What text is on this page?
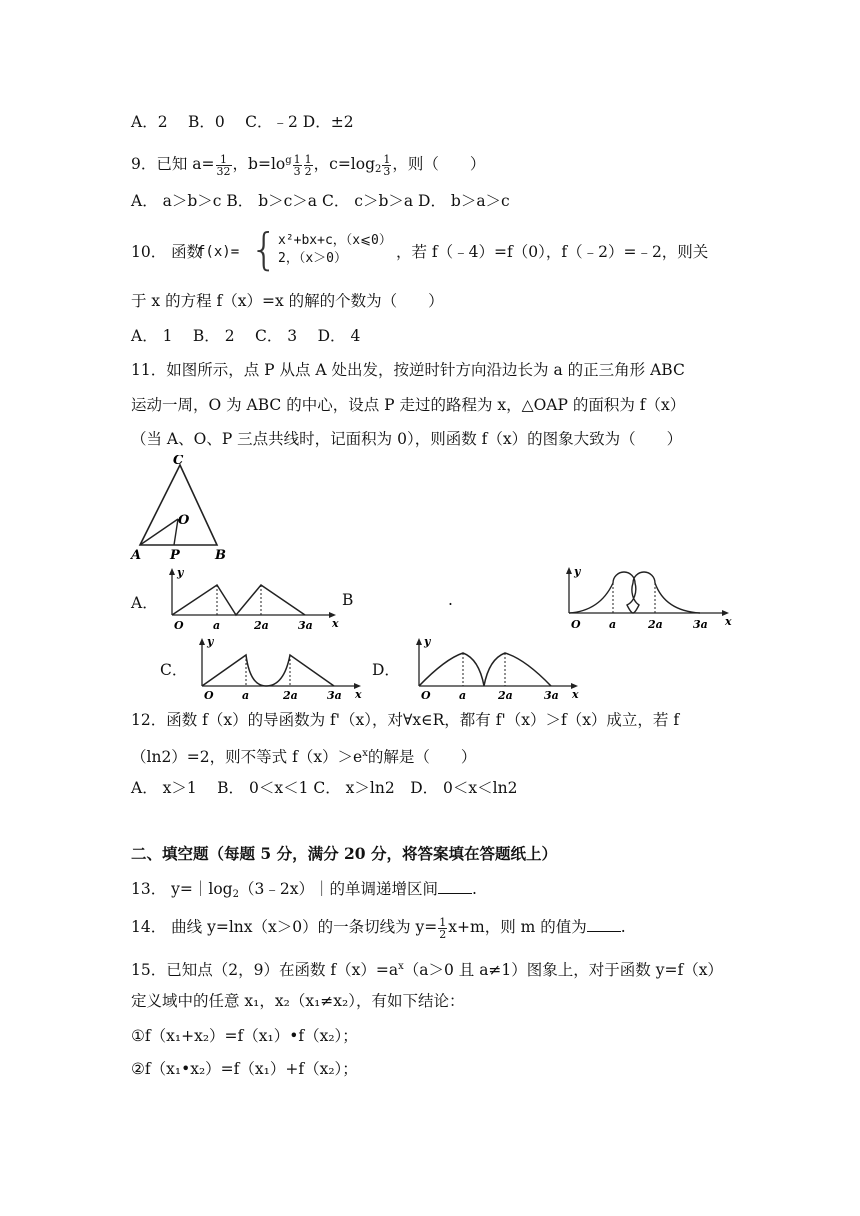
A．2　 B．0　 C．﹣2 D．±2
9．已知 $a= \frac{1}{32}$ ，$b=lo^g \frac{1}{3} \frac{1}{2}$ ，$c=\log_2 \frac{1}{3}$ ，则（　　）
A． a＞b＞c B． b＞c＞a C． c＞b＞a D． b＞a＞c
10． 函数
f(x)= { x²+bx+c，（x⩽0）
2，（x＞0）	，若 f（﹣4）=f（0），f（﹣2）=﹣2，则关
于 x 的方程 f（x）=x 的解的个数为（　　）
A． 1　 B． 2　 C． 3　 D． 4
11．如图所示，点 P 从点 A 处出发，按逆时针方向沿边长为 a 的正三角形 ABC
运动一周，O 为 ABC 的中心，设点 P 走过的路程为 x，△OAP 的面积为 f（x）
（当 A、O、P 三点共线时，记面积为 0），则函数 f（x）的图象大致为（　　）
A	B
C
O
P
A．	B	.
C．	D．
y
x
O	a	2a	3a
y
x
O	a	2a	3a
y
x
O	a	2a	3a
y
x
O	a	2a	3a
12．函数 f（x）的导函数为 f'（x），对∀x∈R，都有 f'（x）＞f（x）成立，若 f
（ln2）=2，则不等式 $f(x)>e^x$的解是（　　）
A． x＞1　 B． 0＜x＜1 C． x＞ln2　D． 0＜x＜ln2
二、填空题（每题 5 分，满分 20 分，将答案填在答题纸上）
13． $y=|\log_2(3﹣2x)|$的单调递增区间 .
14． 曲线 y=lnx（x＞0）的一条切线为 $y= \frac{1}{2} x+m$，则 m 的值为 .
15．已知点（2，9）在函数 $f(x)=a^x(a>0$ 且 a≠1）图象上，对于函数 y=f（x）
定义域中的任意 x₁，x₂（x₁≠x₂），有如下结论：
①f（x₁+x₂）=f（x₁）•f（x₂）；
②f（x₁•x₂）=f（x₁）+f（x₂）；
